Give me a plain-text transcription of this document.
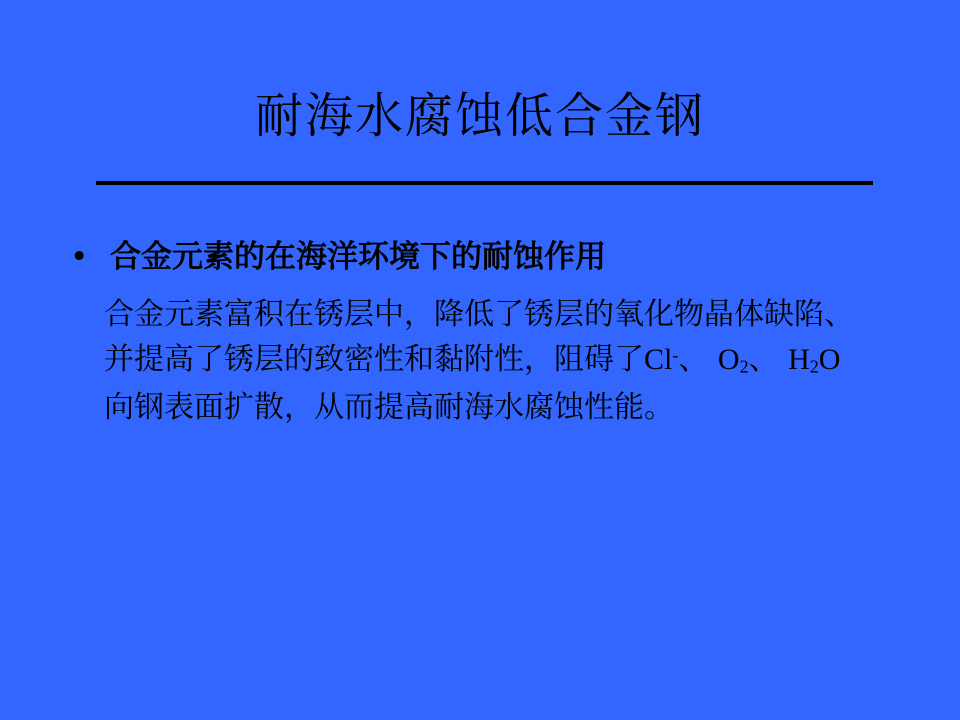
耐海水腐蚀低合金钢
• 合金元素的在海洋环境下的耐蚀作用
合金元素富积在锈层中，降低了锈层的氧化物晶体缺陷、
并提高了锈层的致密性和黏附性，阻碍了Cl-、 O2、 H2O
向钢表面扩散，从而提高耐海水腐蚀性能。
